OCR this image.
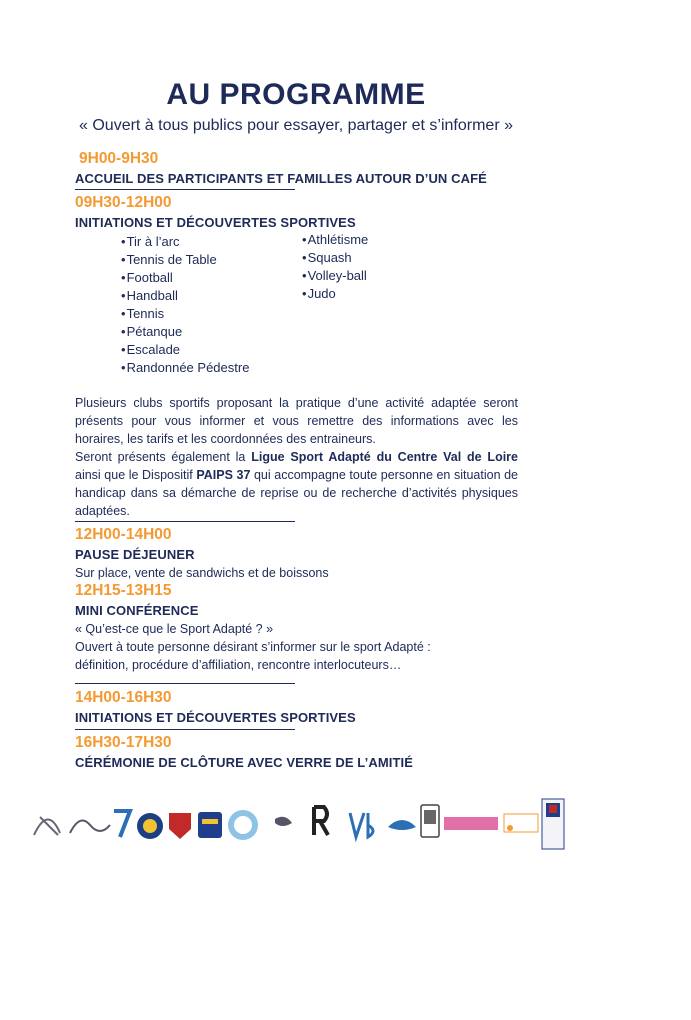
AU PROGRAMME
« Ouvert à tous publics pour essayer, partager et s’informer »
9H00-9H30
ACCUEIL DES PARTICIPANTS ET FAMILLES AUTOUR D’UN CAFÉ
09H30-12H00
INITIATIONS ET DÉCOUVERTES SPORTIVES
• Tir à l’arc
• Tennis de Table
• Football
• Handball
• Tennis
• Pétanque
• Escalade
• Randonnée Pédestre
• Athlétisme
• Squash
• Volley-ball
• Judo
Plusieurs clubs sportifs proposant la pratique d’une activité adaptée seront présents pour vous informer et vous remettre des informations avec les horaires, les tarifs et les coordonnées des entraineurs.
Seront présents également la Ligue Sport Adapté du Centre Val de Loire ainsi que le Dispositif PAIPS 37 qui accompagne toute personne en situation de handicap dans sa démarche de reprise ou de recherche d’activités physiques adaptées.
12H00-14H00
PAUSE DÉJEUNER
Sur place, vente de sandwichs et de boissons
12H15-13H15
MINI CONFÉRENCE
« Qu’est-ce que le Sport Adapté ? »
Ouvert à toute personne désirant s’informer sur le sport Adapté :
définition, procédure d’affiliation, rencontre interlocuteurs…
14H00-16H30
INITIATIONS ET DÉCOUVERTES SPORTIVES
16H30-17H30
CÉRÉMONIE DE CLÔTURE AVEC VERRE DE L’AMITIÉ
